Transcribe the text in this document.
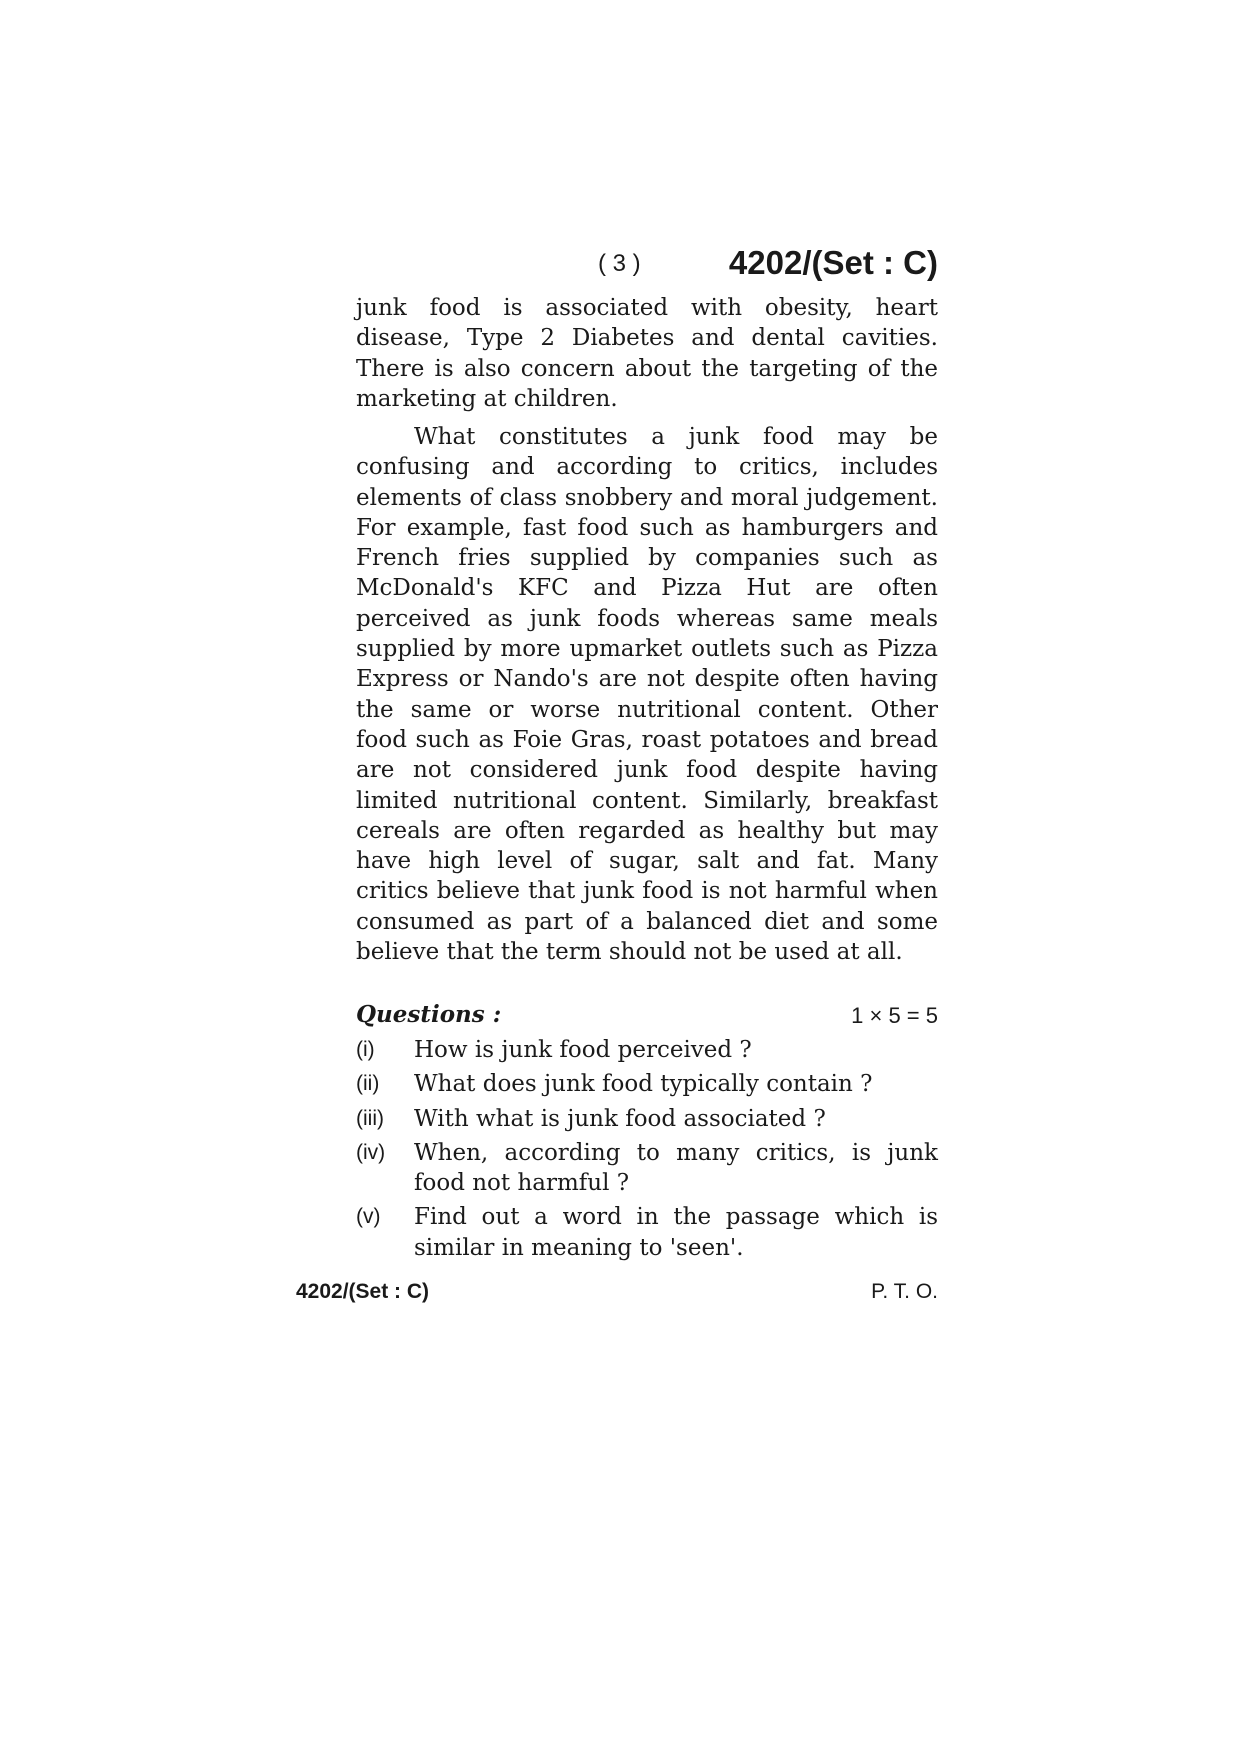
( 3 )	4202/(Set : C)

junk food is associated with obesity, heart disease, Type 2 Diabetes and dental cavities. There is also concern about the targeting of the marketing at children.

What constitutes a junk food may be confusing and according to critics, includes elements of class snobbery and moral judgement. For example, fast food such as hamburgers and French fries supplied by companies such as McDonald's KFC and Pizza Hut are often perceived as junk foods whereas same meals supplied by more upmarket outlets such as Pizza Express or Nando's are not despite often having the same or worse nutritional content. Other food such as Foie Gras, roast potatoes and bread are not considered junk food despite having limited nutritional content. Similarly, breakfast cereals are often regarded as healthy but may have high level of sugar, salt and fat. Many critics believe that junk food is not harmful when consumed as part of a balanced diet and some believe that the term should not be used at all.

Questions :	1 × 5 = 5
(i)	How is junk food perceived ?
(ii)	What does junk food typically contain ?
(iii)	With what is junk food associated ?
(iv)	When, according to many critics, is junk food not harmful ?
(v)	Find out a word in the passage which is similar in meaning to 'seen'.
4202/(Set : C)	P. T. O.
